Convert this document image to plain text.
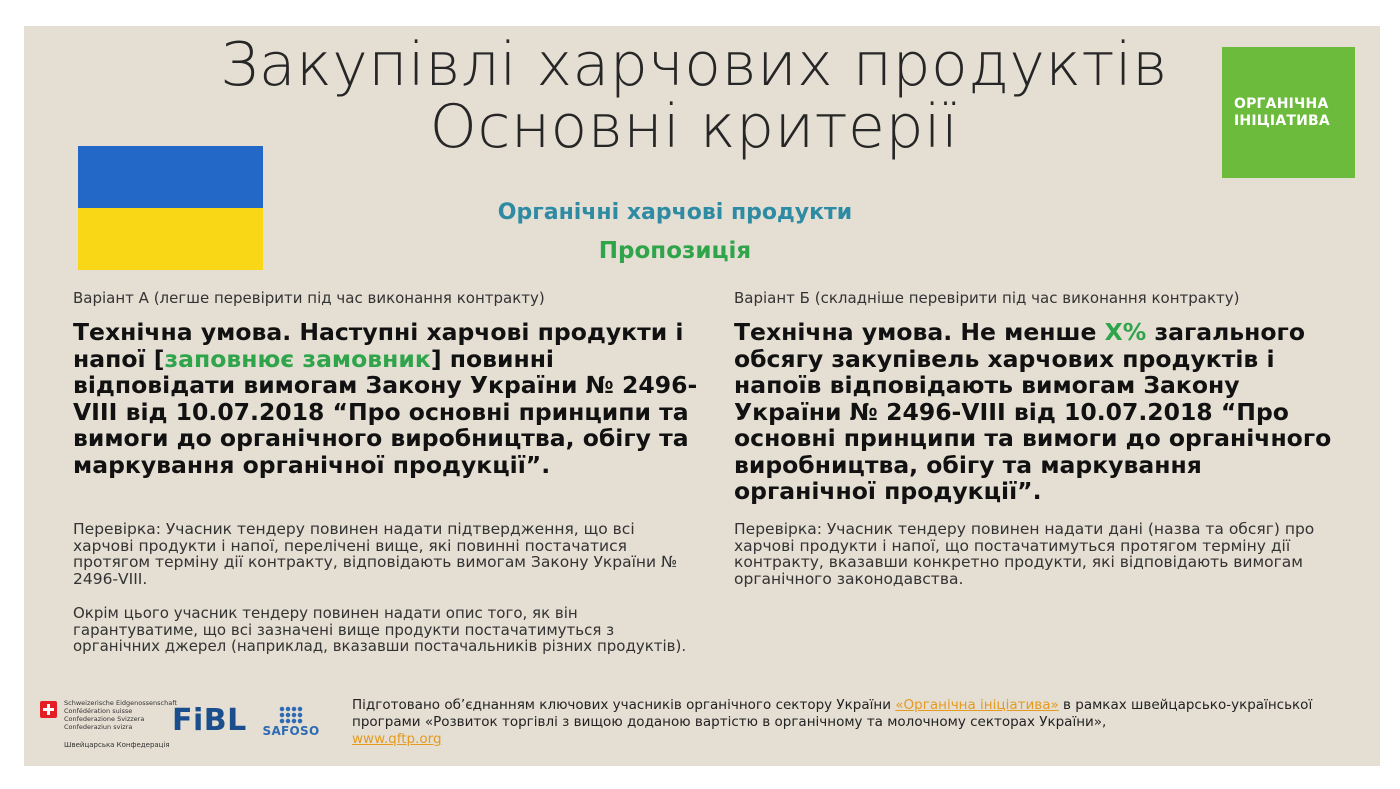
Закупівлі харчових продуктів
Основні критерії	ОРГАНІЧНА
ІНІЦІАТИВА
Органічні харчові продукти
Пропозиція
Варіант А (легше перевірити під час виконання контракту)
Технічна умова. Наступні харчові продукти і напої [заповнює замовник] повинні відповідати вимогам Закону України № 2496-VIII від 10.07.2018 “Про основні принципи та вимоги до органічного виробництва, обігу та маркування органічної продукції”.
Перевірка: Учасник тендеру повинен надати підтвердження, що всі харчові продукти і напої, перелічені вище, які повинні постачатися протягом терміну дії контракту, відповідають вимогам Закону України № 2496-VIII.
Окрім цього учасник тендеру повинен надати опис того, як він гарантуватиме, що всі зазначені вище продукти постачатимуться з органічних джерел (наприклад, вказавши постачальників різних продуктів).
Варіант Б (складніше перевірити під час виконання контракту)
Технічна умова. Не менше Х% загального обсягу закупівель харчових продуктів і напоїв відповідають вимогам Закону України № 2496-VIII від 10.07.2018 “Про основні принципи та вимоги до органічного виробництва, обігу та маркування органічної продукції”.
Перевірка: Учасник тендеру повинен надати дані (назва та обсяг) про харчові продукти і напої, що постачатимуться протягом терміну дії контракту, вказавши конкретно продукти, які відповідають вимогам органічного законодавства.
Schweizerische Eidgenossenschaft
Confédération suisse
Confederazione Svizzera
Confederaziun svizra
Швейцарська Конфедерація
FiBL	SAFOSO
Підготовано об’єднанням ключових учасників органічного сектору України «Органічна ініціатива» в рамках швейцарсько-української програми «Розвиток торгівлі з вищою доданою вартістю в органічному та молочному секторах України»,
www.qftp.org
